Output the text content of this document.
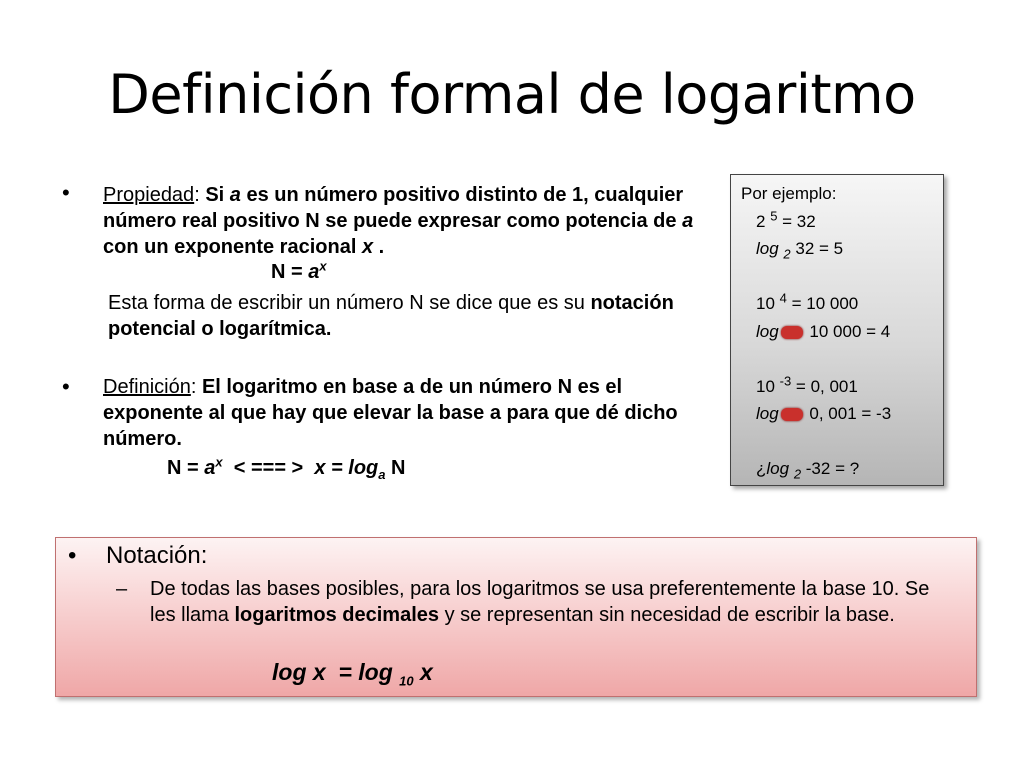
Definición formal de logaritmo
• Propiedad: Si a es un número positivo distinto de 1, cualquier número real positivo N se puede expresar como potencia de a con un exponente racional x .
$N = a^x$
Esta forma de escribir un número N se dice que es su notación potencial o logarítmica.
• Definición: El logaritmo en base a de un número N es el exponente al que hay que elevar la base a para que dé dicho número.
$N = a^x$  < === >  $x = \log_a N$
Por ejemplo:
2 $^5$ = 32
log $_2$ 32 = 5
10 $^4$ = 10 000
log 10 000 = 4
10 $^{-3}$ = 0, 001
log 0, 001 = -3
¿log $_2$ -32 = ?
• Notación:
– De todas las bases posibles, para los logaritmos se usa preferentemente la base 10. Se les llama logaritmos decimales y se representan sin necesidad de escribir la base.
log x  = log $_{10}$ x
